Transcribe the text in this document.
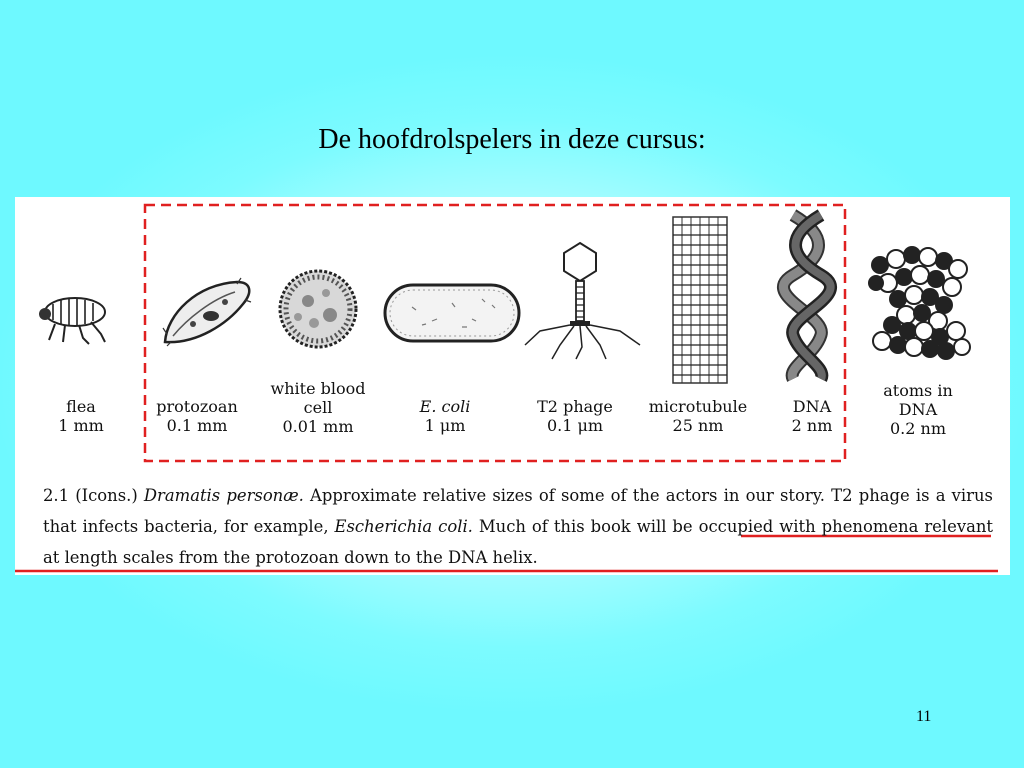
De hoofdrolspelers in deze cursus:
flea
1 mm
protozoan
0.1 mm
white blood
cell
0.01 mm
E. coli
1 μm
T2 phage
0.1 μm
microtubule
25 nm
DNA
2 nm
atoms in
DNA
0.2 nm
2.1 (Icons.) Dramatis personæ. Approximate relative sizes of some of the actors in our story. T2 phage is a virus that infects bacteria, for example, Escherichia coli. Much of this book will be occupied with phenomena relevant at length scales from the protozoan down to the DNA helix.
11
